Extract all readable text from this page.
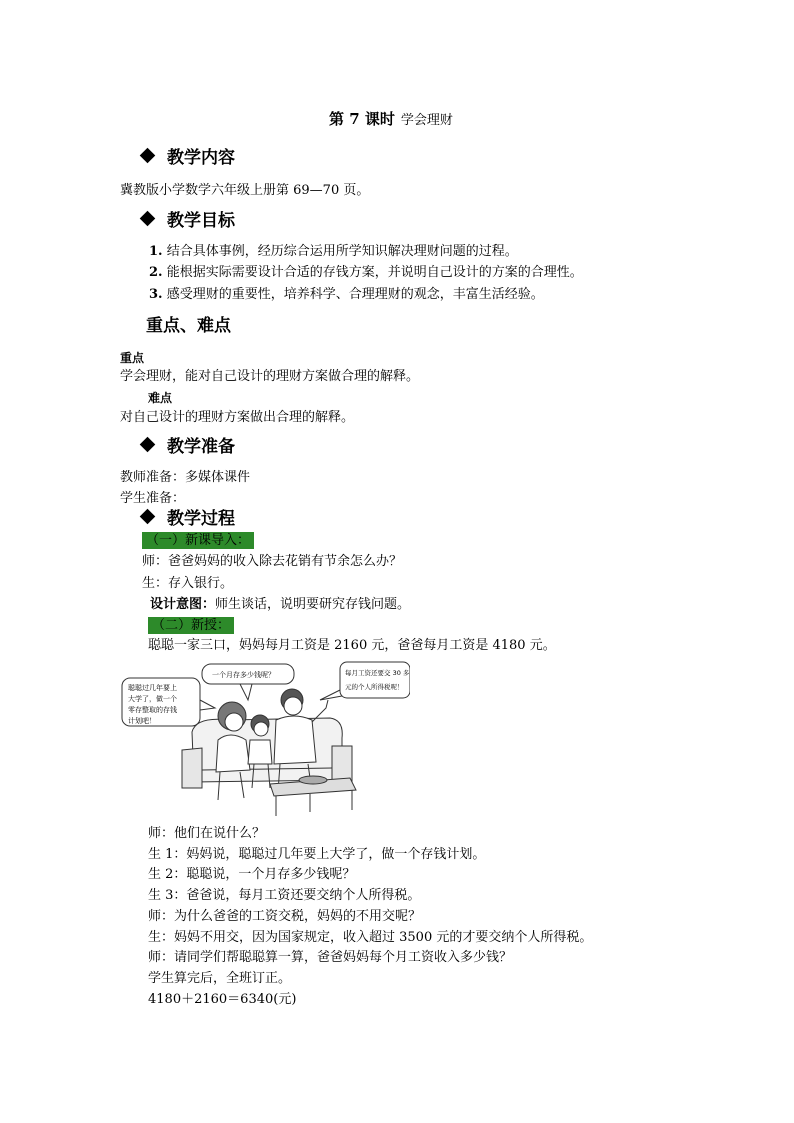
第 7 课时 学会理财
教学内容
冀教版小学数学六年级上册第 69—70 页。
教学目标
1. 结合具体事例，经历综合运用所学知识解决理财问题的过程。
2. 能根据实际需要设计合适的存钱方案，并说明自己设计的方案的合理性。
3. 感受理财的重要性，培养科学、合理理财的观念，丰富生活经验。
重点、难点
重点
学会理财，能对自己设计的理财方案做合理的解释。
难点
对自己设计的理财方案做出合理的解释。
教学准备
教师准备：多媒体课件
学生准备：
教学过程
（一）新课导入：
师：爸爸妈妈的收入除去花销有节余怎么办？
生：存入银行。
设计意图：师生谈话，说明要研究存钱问题。
（二）新授：
聪聪一家三口，妈妈每月工资是 2160 元，爸爸每月工资是 4180 元。
聪聪过几年要上
大学了，做一个
零存整取的存钱
计划吧！
一个月存多少钱呢？	每月工资还要交 30 多
元的个人所得税呢！
师：他们在说什么？
生 1：妈妈说，聪聪过几年要上大学了，做一个存钱计划。
生 2：聪聪说，一个月存多少钱呢？
生 3：爸爸说，每月工资还要交纳个人所得税。
师：为什么爸爸的工资交税，妈妈的不用交呢？
生：妈妈不用交，因为国家规定，收入超过 3500 元的才要交纳个人所得税。
师：请同学们帮聪聪算一算，爸爸妈妈每个月工资收入多少钱？
学生算完后，全班订正。
4180＋2160＝6340(元)
